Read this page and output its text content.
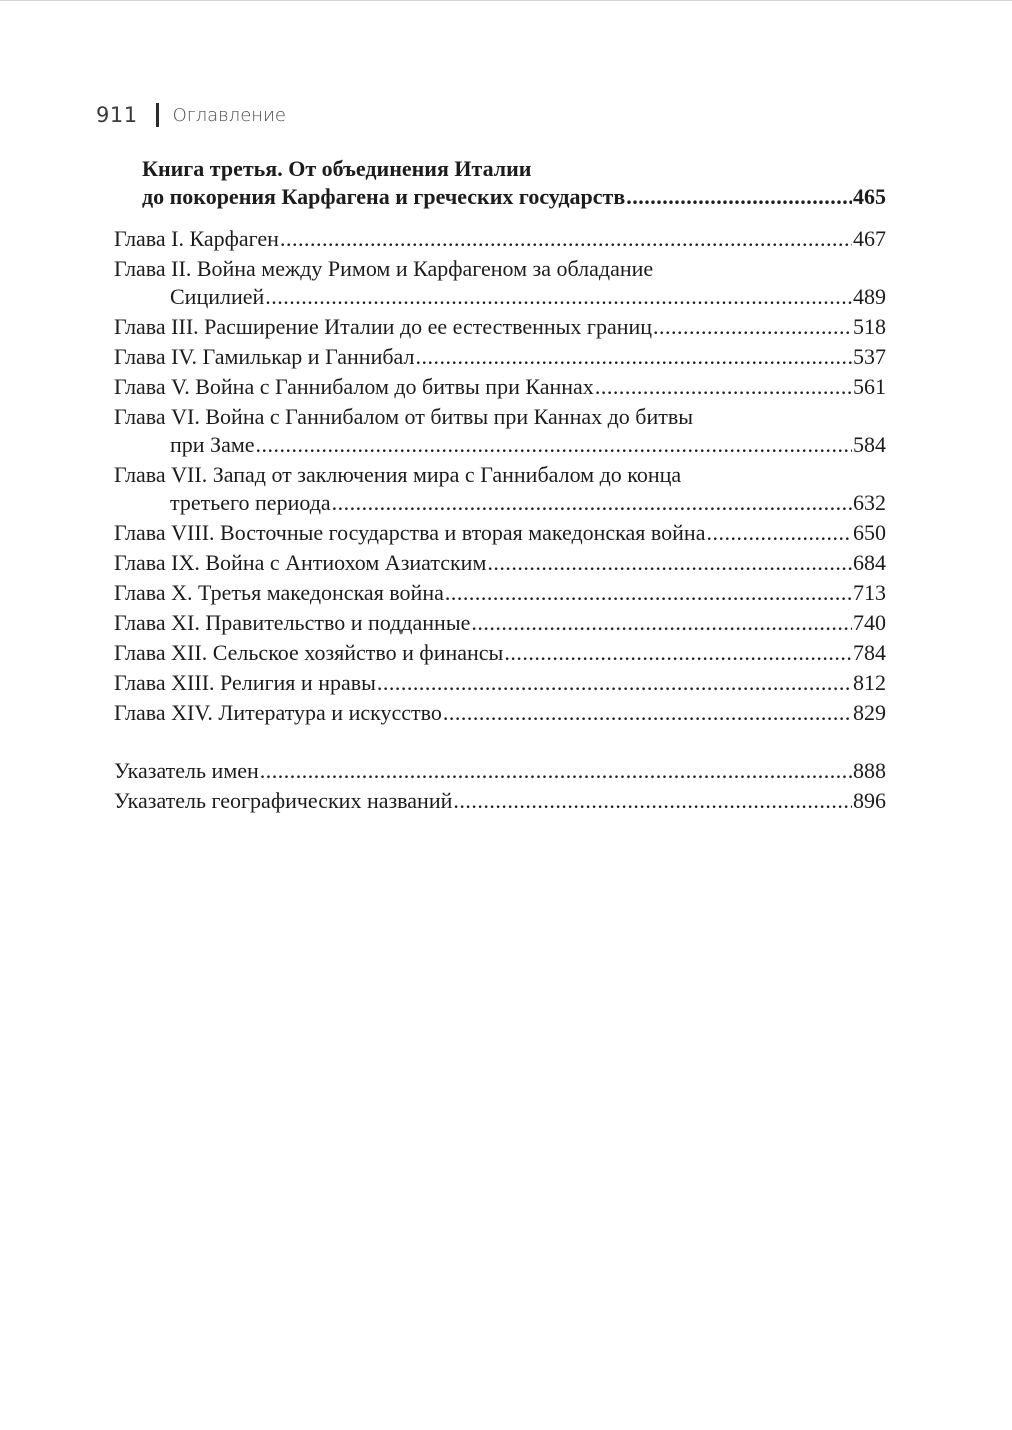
911 Оглавление
Книга третья. От объединения Италии
до покорения Карфагена и греческих государств .....	465
Глава I. Карфаген .....	467
Глава II. Война между Римом и Карфагеном за обладание
Сицилией .....	489
Глава III. Расширение Италии до ее естественных границ .....	518
Глава IV. Гамилькар и Ганнибал .....	537
Глава V. Война с Ганнибалом до битвы при Каннах .....	561
Глава VI. Война с Ганнибалом от битвы при Каннах до битвы
при Заме .....	584
Глава VII. Запад от заключения мира с Ганнибалом до конца
третьего периода .....	632
Глава VIII. Восточные государства и вторая македонская война .....	650
Глава IX. Война с Антиохом Азиатским .....	684
Глава X. Третья македонская война .....	713
Глава XI. Правительство и подданные .....	740
Глава XII. Сельское хозяйство и финансы .....	784
Глава XIII. Религия и нравы .....	812
Глава XIV. Литература и искусство .....	829
Указатель имен .....	888
Указатель географических названий .....	896
